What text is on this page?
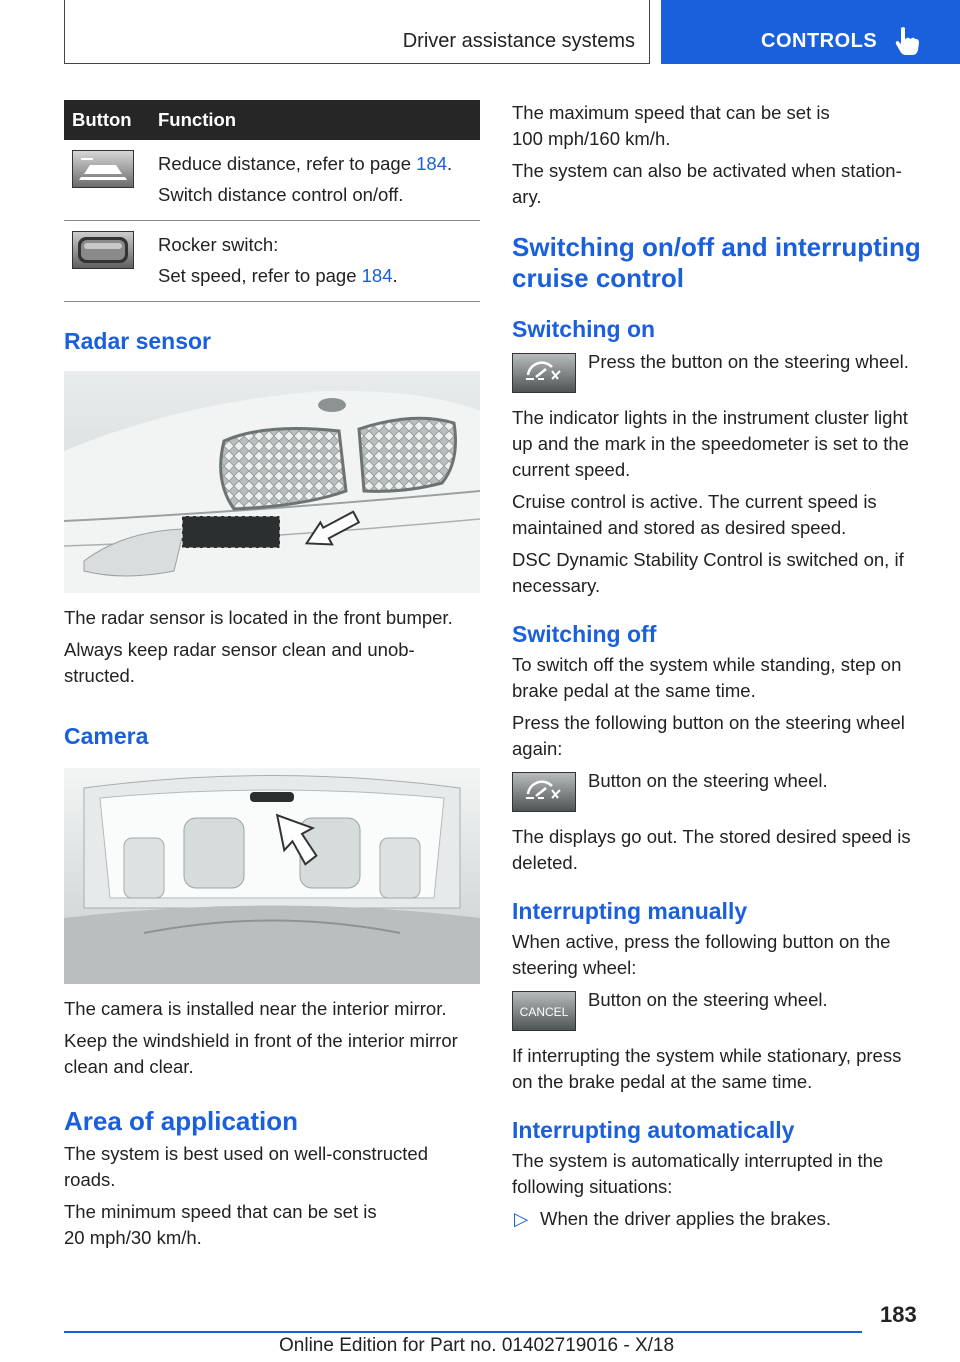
Driver assistance systems	CONTROLS
Button	Function

Reduce distance, refer to page 184.
Switch distance control on/off.

Rocker switch:
Set speed, refer to page 184.
Radar sensor

The radar sensor is located in the front bumper.

Always keep radar sensor clean and unob-
structed.

Camera

The camera is installed near the interior mirror.

Keep the windshield in front of the interior mirror
clean and clear.

Area of application

The system is best used on well-constructed
roads.

The minimum speed that can be set is
20 mph/30 km/h.

The maximum speed that can be set is
100 mph/160 km/h.

The system can also be activated when station-
ary.

Switching on/off and interrupting
cruise control
Switching on
Press the button on the steering wheel.

The indicator lights in the instrument cluster light
up and the mark in the speedometer is set to the
current speed.

Cruise control is active. The current speed is
maintained and stored as desired speed.

DSC Dynamic Stability Control is switched on, if
necessary.

Switching off

To switch off the system while standing, step on
brake pedal at the same time.

Press the following button on the steering wheel
again:

Button on the steering wheel.

The displays go out. The stored desired speed is
deleted.

Interrupting manually

When active, press the following button on the
steering wheel:

CANCEL
Button on the steering wheel.

If interrupting the system while stationary, press
on the brake pedal at the same time.

Interrupting automatically

The system is automatically interrupted in the
following situations:

▷ When the driver applies the brakes.
183
Online Edition for Part no. 01402719016 - X/18
